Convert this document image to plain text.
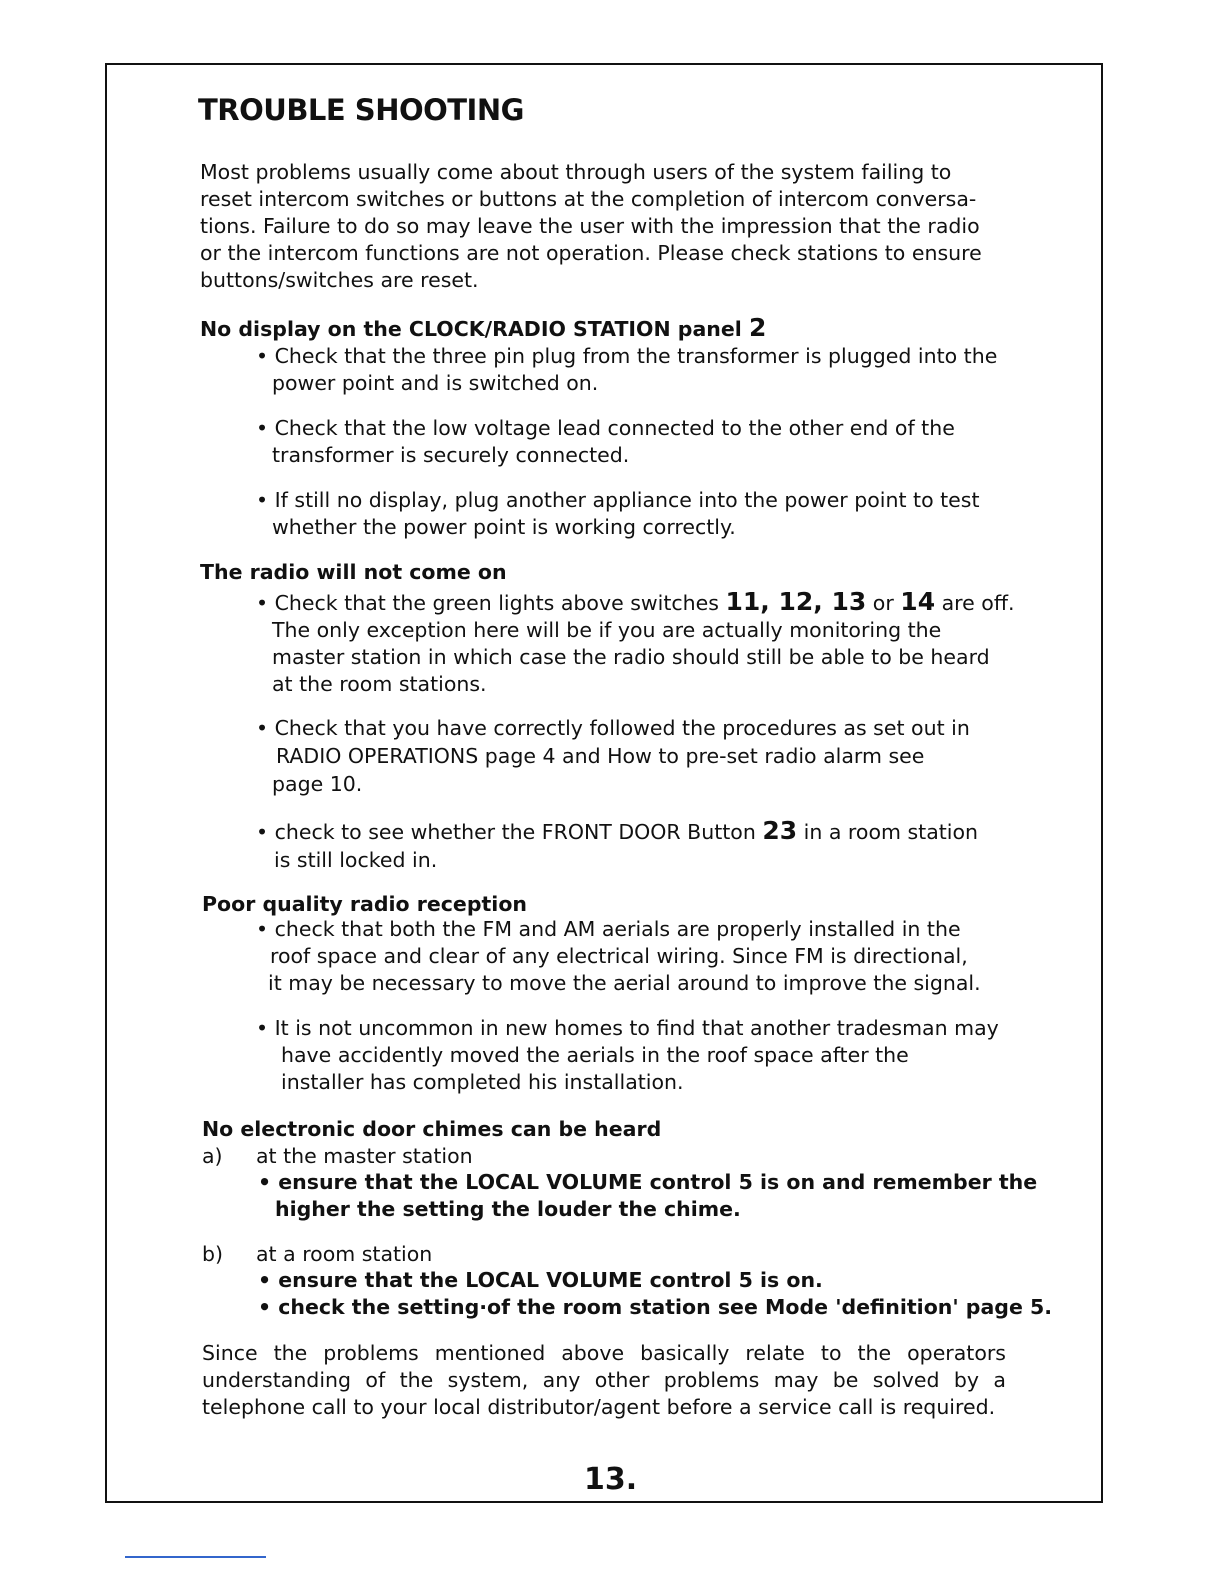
TROUBLE SHOOTING
Most problems usually come about through users of the system failing to
reset intercom switches or buttons at the completion of intercom conversa-
tions. Failure to do so may leave the user with the impression that the radio
or the intercom functions are not operation. Please check stations to ensure
buttons/switches are reset.
No display on the CLOCK/RADIO STATION panel 2
• Check that the three pin plug from the transformer is plugged into the
power point and is switched on.
• Check that the low voltage lead connected to the other end of the
transformer is securely connected.
• If still no display, plug another appliance into the power point to test
whether the power point is working correctly.
The radio will not come on
• Check that the green lights above switches 11, 12, 13 or 14 are off.
The only exception here will be if you are actually monitoring the
master station in which case the radio should still be able to be heard
at the room stations.
• Check that you have correctly followed the procedures as set out in
RADIO OPERATIONS page 4 and How to pre-set radio alarm see
page 10.
• check to see whether the FRONT DOOR Button 23 in a room station
is still locked in.
Poor quality radio reception
• check that both the FM and AM aerials are properly installed in the
roof space and clear of any electrical wiring. Since FM is directional,
it may be necessary to move the aerial around to improve the signal.
• It is not uncommon in new homes to find that another tradesman may
have accidently moved the aerials in the roof space after the
installer has completed his installation.
No electronic door chimes can be heard
a) at the master station
• ensure that the LOCAL VOLUME control 5 is on and remember the
higher the setting the louder the chime.
b) at a room station
• ensure that the LOCAL VOLUME control 5 is on.
• check the setting·of the room station see Mode 'definition' page 5.
Since the problems mentioned above basically relate to the operators understanding of the system, any other problems may be solved by a telephone call to your local distributor/agent before a service call is required.
13.
